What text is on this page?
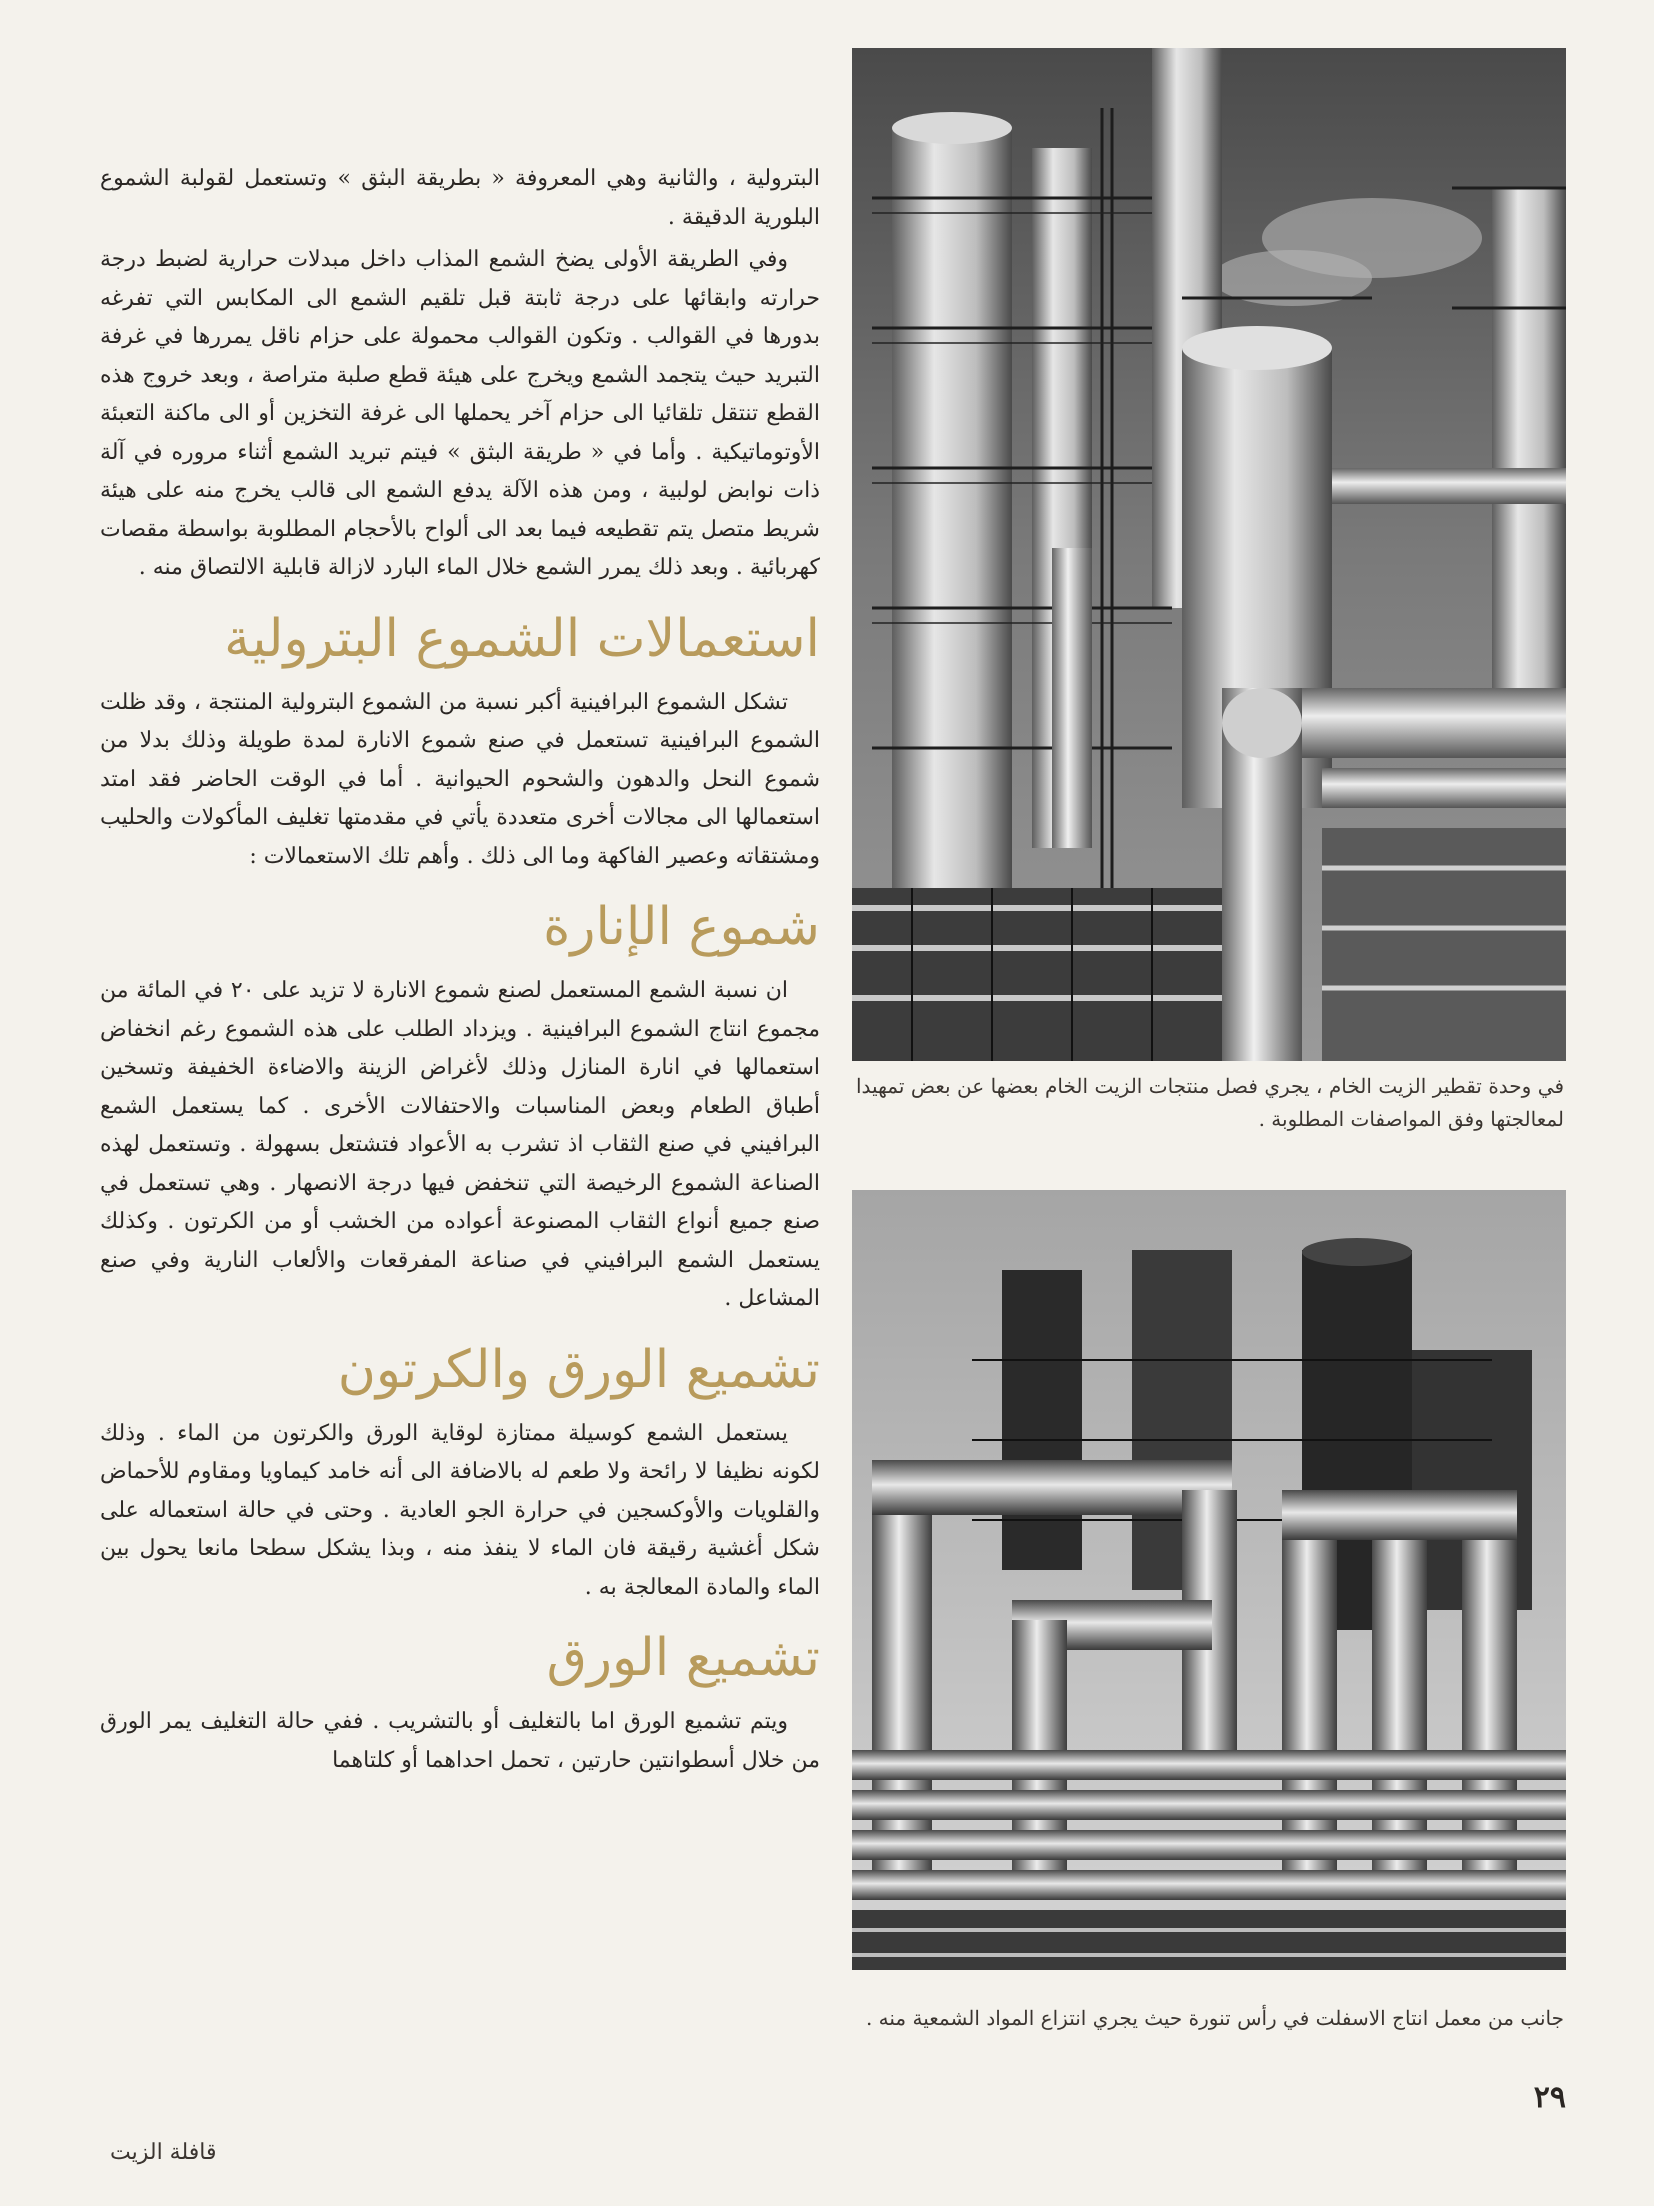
البترولية ، والثانية وهي المعروفة « بطريقة البثق » وتستعمل لقولبة الشموع البلورية الدقيقة .

وفي الطريقة الأولى يضخ الشمع المذاب داخل مبدلات حرارية لضبط درجة حرارته وابقائها على درجة ثابتة قبل تلقيم الشمع الى المكابس التي تفرغه بدورها في القوالب . وتكون القوالب محمولة على حزام ناقل يمررها في غرفة التبريد حيث يتجمد الشمع ويخرج على هيئة قطع صلبة متراصة ، وبعد خروج هذه القطع تنتقل تلقائيا الى حزام آخر يحملها الى غرفة التخزين أو الى ماكنة التعبئة الأوتوماتيكية . وأما في « طريقة البثق » فيتم تبريد الشمع أثناء مروره في آلة ذات نوابض لولبية ، ومن هذه الآلة يدفع الشمع الى قالب يخرج منه على هيئة شريط متصل يتم تقطيعه فيما بعد الى ألواح بالأحجام المطلوبة بواسطة مقصات كهربائية . وبعد ذلك يمرر الشمع خلال الماء البارد لازالة قابلية الالتصاق منه .

استعمالات الشموع البترولية

تشكل الشموع البرافينية أكبر نسبة من الشموع البترولية المنتجة ، وقد ظلت الشموع البرافينية تستعمل في صنع شموع الانارة لمدة طويلة وذلك بدلا من شموع النحل والدهون والشحوم الحيوانية . أما في الوقت الحاضر فقد امتد استعمالها الى مجالات أخرى متعددة يأتي في مقدمتها تغليف المأكولات والحليب ومشتقاته وعصير الفاكهة وما الى ذلك . وأهم تلك الاستعمالات :

شموع الإنارة

ان نسبة الشمع المستعمل لصنع شموع الانارة لا تزيد على ٢٠ في المائة من مجموع انتاج الشموع البرافينية . ويزداد الطلب على هذه الشموع رغم انخفاض استعمالها في انارة المنازل وذلك لأغراض الزينة والاضاءة الخفيفة وتسخين أطباق الطعام وبعض المناسبات والاحتفالات الأخرى . كما يستعمل الشمع البرافيني في صنع الثقاب اذ تشرب به الأعواد فتشتعل بسهولة . وتستعمل لهذه الصناعة الشموع الرخيصة التي تنخفض فيها درجة الانصهار . وهي تستعمل في صنع جميع أنواع الثقاب المصنوعة أعواده من الخشب أو من الكرتون . وكذلك يستعمل الشمع البرافيني في صناعة المفرقعات والألعاب النارية وفي صنع المشاعل .

تشميع الورق والكرتون

يستعمل الشمع كوسيلة ممتازة لوقاية الورق والكرتون من الماء . وذلك لكونه نظيفا لا رائحة ولا طعم له بالاضافة الى أنه خامد كيماويا ومقاوم للأحماض والقلويات والأوكسجين في حرارة الجو العادية . وحتى في حالة استعماله على شكل أغشية رقيقة فان الماء لا ينفذ منه ، وبذا يشكل سطحا مانعا يحول بين الماء والمادة المعالجة به .

تشميع الورق

ويتم تشميع الورق اما بالتغليف أو بالتشريب . ففي حالة التغليف يمر الورق من خلال أسطوانتين حارتين ، تحمل احداهما أو كلتاهما

في وحدة تقطير الزيت الخام ، يجري فصل منتجات الزيت الخام بعضها عن بعض تمهيدا لمعالجتها وفق المواصفات المطلوبة .
جانب من معمل انتاج الاسفلت في رأس تنورة حيث يجري انتزاع المواد الشمعية منه .
٢٩
قافلة الزيت
